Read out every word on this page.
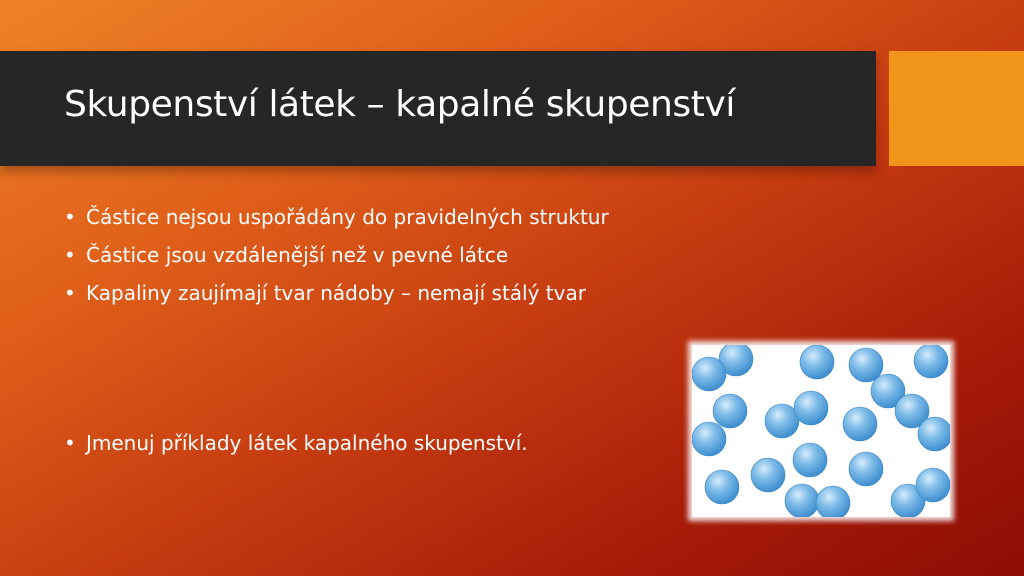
Skupenství látek – kapalné skupenství
• Částice nejsou uspořádány do pravidelných struktur
• Částice jsou vzdálenější než v pevné látce
• Kapaliny zaujímají tvar nádoby – nemají stálý tvar
• Jmenuj příklady látek kapalného skupenství.
